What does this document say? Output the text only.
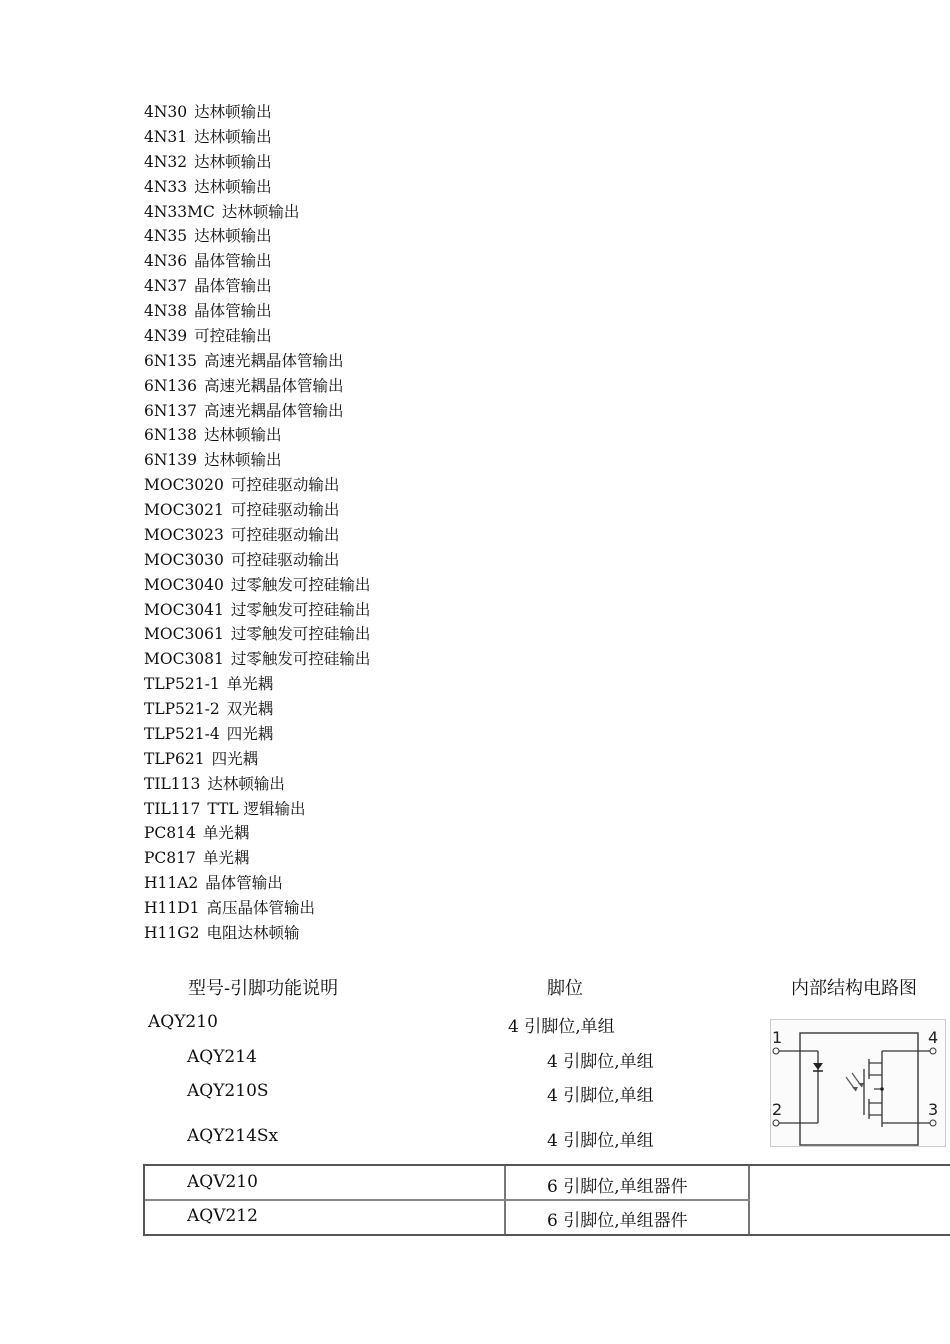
4N30 达林顿输出
4N31 达林顿输出
4N32 达林顿输出
4N33 达林顿输出
4N33MC 达林顿输出
4N35 达林顿输出
4N36 晶体管输出
4N37 晶体管输出
4N38 晶体管输出
4N39 可控硅输出
6N135 高速光耦晶体管输出
6N136 高速光耦晶体管输出
6N137 高速光耦晶体管输出
6N138 达林顿输出
6N139 达林顿输出
MOC3020 可控硅驱动输出
MOC3021 可控硅驱动输出
MOC3023 可控硅驱动输出
MOC3030 可控硅驱动输出
MOC3040 过零触发可控硅输出
MOC3041 过零触发可控硅输出
MOC3061 过零触发可控硅输出
MOC3081 过零触发可控硅输出
TLP521-1 单光耦
TLP521-2 双光耦
TLP521-4 四光耦
TLP621 四光耦
TIL113 达林顿输出
TIL117 TTL 逻辑输出
PC814 单光耦
PC817 单光耦
H11A2 晶体管输出
H11D1 高压晶体管输出
H11G2 电阻达林顿输
型号-引脚功能说明	脚位	内部结构电路图
AQY210	4 引脚位,单组
AQY214	4 引脚位,单组
AQY210S	4 引脚位,单组
AQY214Sx	4 引脚位,单组
1
2	3
4
AQV210	6 引脚位,单组器件
AQV212	6 引脚位,单组器件
